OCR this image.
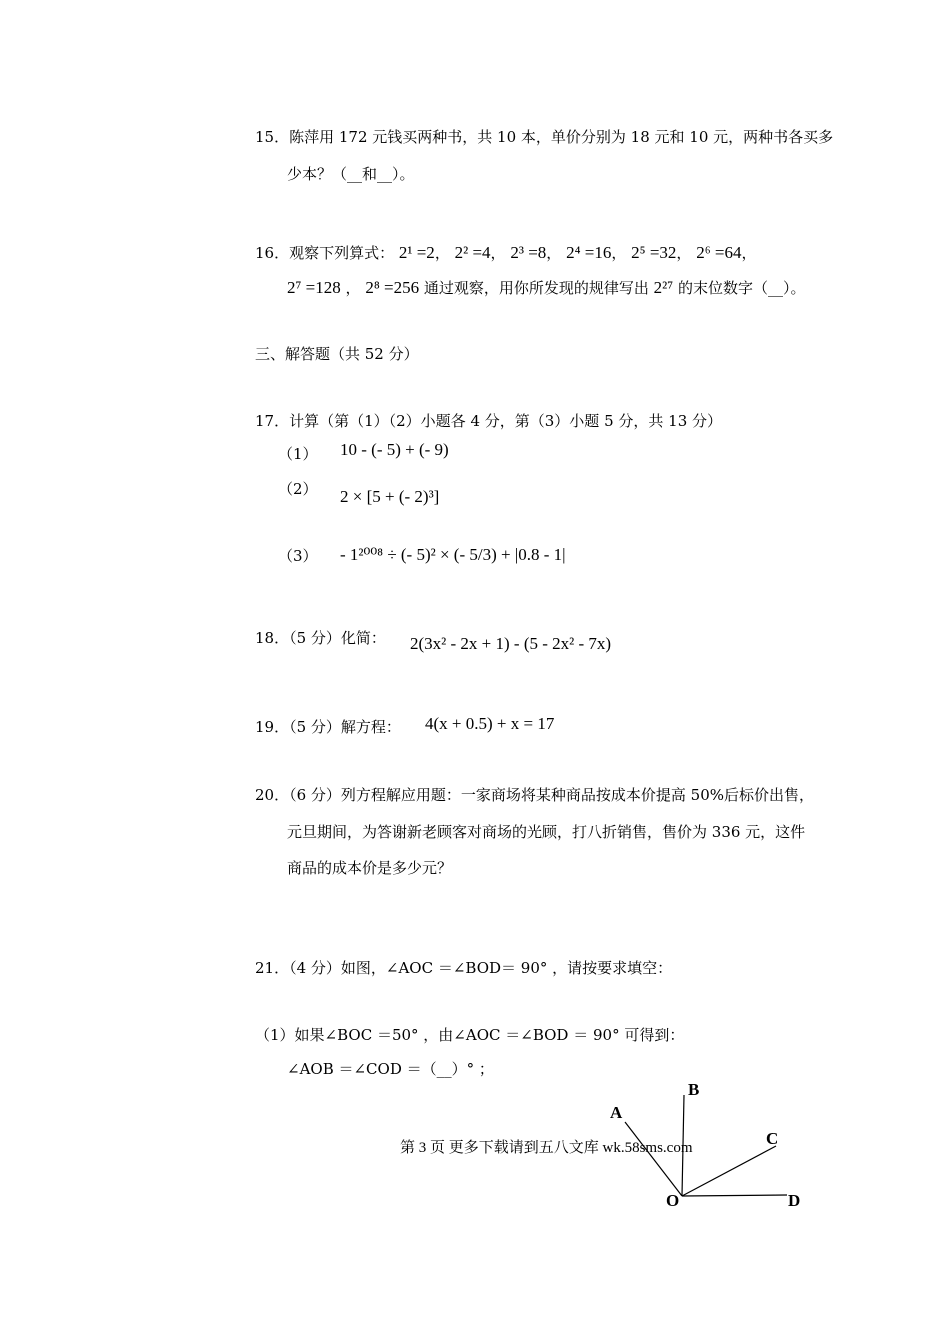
15．陈萍用 172 元钱买两种书，共 10 本，单价分别为 18 元和 10 元，两种书各买多
少本？（__和__）。
16．观察下列算式： 2¹ =2， 2² =4， 2³ =8， 2⁴ =16， 2⁵ =32， 2⁶ =64，
2⁷ =128 ， 2⁸ =256 通过观察，用你所发现的规律写出 2²⁷ 的末位数字（__）。
三、解答题（共 52 分）
17．计算（第（1）（2）小题各 4 分，第（3）小题 5 分，共 13 分）
（1） 10 - (- 5) + (- 9)
（2） 2 × [5 + (- 2)³]
（3） - 1²⁰⁰⁸ ÷ (- 5)² × (- 5/3) + |0.8 - 1|
18．（5 分）化简： 2(3x² - 2x + 1) - (5 - 2x² - 7x)
19．（5 分）解方程： 4(x + 0.5) + x = 17
20．（6 分）列方程解应用题：一家商场将某种商品按成本价提高 50%后标价出售，
元旦期间，为答谢新老顾客对商场的光顾，打八折销售，售价为 336 元，这件
商品的成本价是多少元？
21．（4 分）如图，∠AOC ＝∠BOD＝ 90° ，请按要求填空：
（1）如果∠BOC ＝50° ，由∠AOC ＝∠BOD ＝ 90° 可得到：
∠AOB ＝∠COD ＝（__）° ；
B
A
C
D
O
第 3 页 更多下载请到五八文库 wk.58sms.com
